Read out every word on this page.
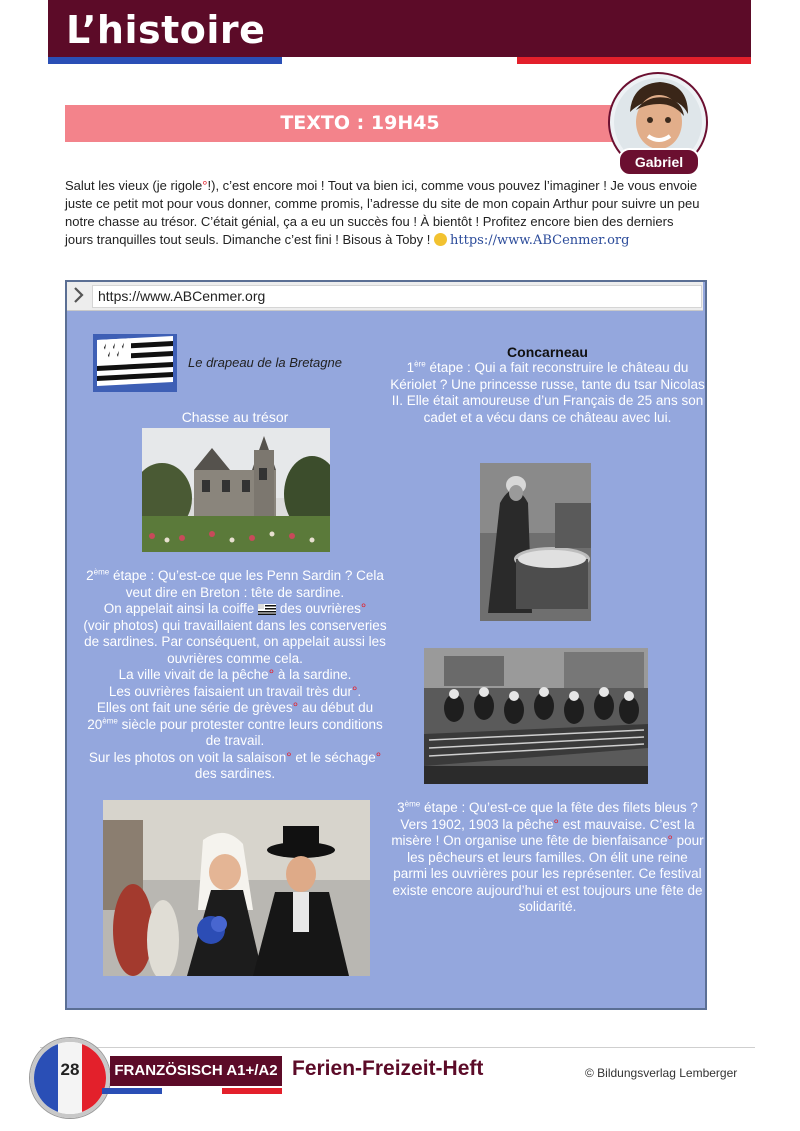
L’histoire
TEXTO : 19H45
Gabriel
Salut les vieux (je rigole°!), c’est encore moi ! Tout va bien ici, comme vous pouvez l’imaginer ! Je vous envoie juste ce petit mot pour vous donner, comme promis, l’adresse du site de mon copain Arthur pour suivre un peu notre chasse au trésor. C’était génial, ça a eu un succès fou ! À bientôt ! Profitez encore bien des derniers jours tranquilles tout seuls. Dimanche c’est fini ! Bisous à Toby ! https://www.ABCenmer.org
https://www.ABCenmer.org
Le drapeau de la Bretagne
Chasse au trésor
Concarneau
1ère étape : Qui a fait reconstruire le château du Kériolet ? Une princesse russe, tante du tsar Nicolas II. Elle était amoureuse d’un Français de 25 ans son cadet et a vécu dans ce château avec lui.
2ème étape : Qu’est-ce que les Penn Sardin ? Cela veut dire en Breton : tête de sardine.
On appelait ainsi la coiffe des ouvrières°
(voir photos) qui travaillaient dans les conserveries de sardines. Par conséquent, on appelait aussi les ouvrières comme cela.
La ville vivait de la pêche° à la sardine.
Les ouvrières faisaient un travail très dur°.
Elles ont fait une série de grèves° au début du 20ème siècle pour protester contre leurs conditions de travail.
Sur les photos on voit la salaison° et le séchage° des sardines.
3ème étape : Qu’est-ce que la fête des filets bleus ?
Vers 1902, 1903 la pêche° est mauvaise. C’est la misère ! On organise une fête de bienfaisance° pour les pêcheurs et leurs familles. On élit une reine parmi les ouvrières pour les représenter. Ce festival existe encore aujourd’hui et est toujours une fête de solidarité.
28	FRANZÖSISCH A1+/A2 Ferien-Freizeit-Heft	© Bildungsverlag Lemberger
